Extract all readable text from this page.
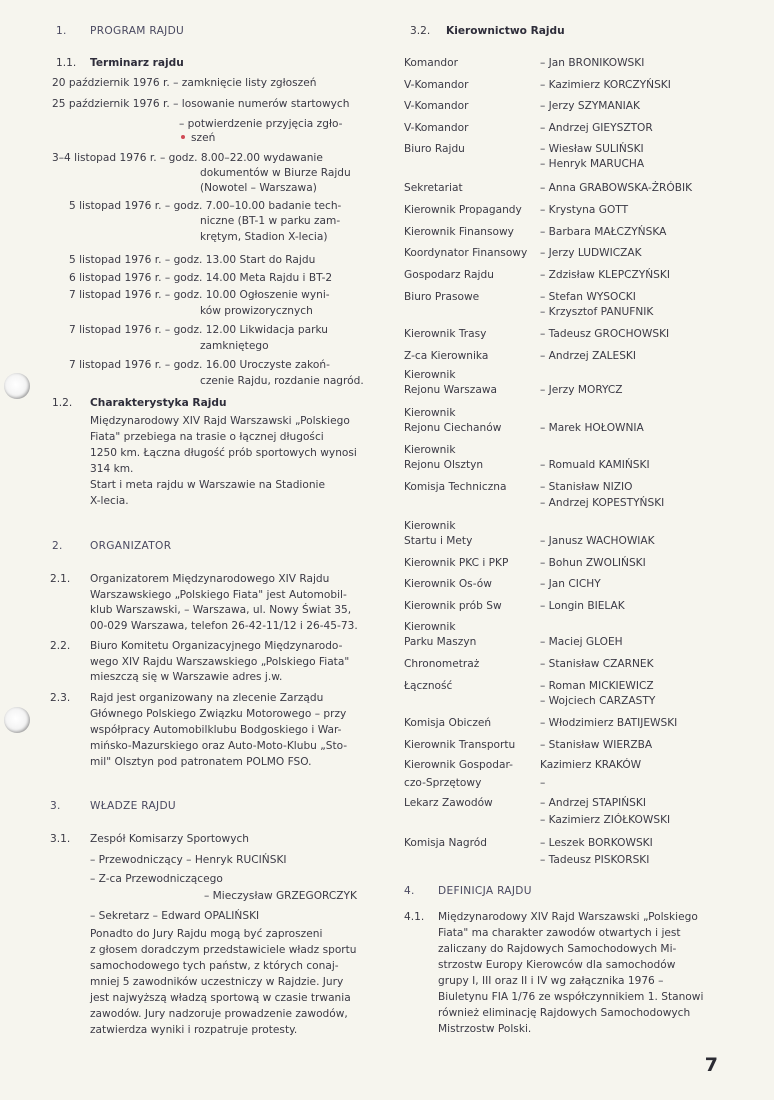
1. PROGRAM RAJDU
1.1. Terminarz rajdu
20 październik 1976 r. – zamknięcie listy zgłoszeń
25 październik 1976 r. – losowanie numerów startowych
– potwierdzenie przyjęcia zgło-
szeń
3–4 listopad 1976 r. – godz. 8.00–22.00 wydawanie
dokumentów w Biurze Rajdu
(Nowotel – Warszawa)
5 listopad 1976 r. – godz. 7.00–10.00 badanie tech-
niczne (BT-1 w parku zam-
krętym, Stadion X-lecia)
5 listopad 1976 r. – godz. 13.00 Start do Rajdu
6 listopad 1976 r. – godz. 14.00 Meta Rajdu i BT-2
7 listopad 1976 r. – godz. 10.00 Ogłoszenie wyni-
ków prowizorycznych
7 listopad 1976 r. – godz. 12.00 Likwidacja parku
zamkniętego
7 listopad 1976 r. – godz. 16.00 Uroczyste zakoń-
czenie Rajdu, rozdanie nagród.
1.2. Charakterystyka Rajdu
Międzynarodowy XIV Rajd Warszawski „Polskiego
Fiata" przebiega na trasie o łącznej długości
1250 km. Łączna długość prób sportowych wynosi
314 km.
Start i meta rajdu w Warszawie na Stadionie
X-lecia.
2.	ORGANIZATOR
2.1. Organizatorem Międzynarodowego XIV Rajdu
Warszawskiego „Polskiego Fiata" jest Automobil-
klub Warszawski, – Warszawa, ul. Nowy Świat 35,
00-029 Warszawa, telefon 26-42-11/12 i 26-45-73.
2.2. Biuro Komitetu Organizacyjnego Międzynarodo-
wego XIV Rajdu Warszawskiego „Polskiego Fiata"
mieszczą się w Warszawie adres j.w.
2.3. Rajd jest organizowany na zlecenie Zarządu
Głównego Polskiego Związku Motorowego – przy
współpracy Automobilklubu Bodgoskiego i War-
mińsko-Mazurskiego oraz Auto-Moto-Klubu „Sto-
mil" Olsztyn pod patronatem POLMO FSO.
3.	WŁADZE RAJDU
3.1. Zespół Komisarzy Sportowych
– Przewodniczący – Henryk RUCIŃSKI
– Z-ca Przewodniczącego
– Mieczysław GRZEGORCZYK
– Sekretarz – Edward OPALIŃSKI
Ponadto do Jury Rajdu mogą być zaproszeni
z głosem doradczym przedstawiciele władz sportu
samochodowego tych państw, z których conaj-
mniej 5 zawodników uczestniczy w Rajdzie. Jury
jest najwyższą władzą sportową w czasie trwania
zawodów. Jury nadzoruje prowadzenie zawodów,
zatwierdza wyniki i rozpatruje protesty.
3.2. Kierownictwo Rajdu
Komandor	– Jan BRONIKOWSKI
V-Komandor	– Kazimierz KORCZYŃSKI
V-Komandor	– Jerzy SZYMANIAK
V-Komandor	– Andrzej GIEYSZTOR
Biuro Rajdu	– Wiesław SULIŃSKI
– Henryk MARUCHA
Sekretariat	– Anna GRABOWSKA-ŻRÓBIK
Kierownik Propagandy – Krystyna GOTT
Kierownik Finansowy – Barbara MAŁCZYŃSKA
Koordynator Finansowy – Jerzy LUDWICZAK
Gospodarz Rajdu	– Zdzisław KLEPCZYŃSKI
Biuro Prasowe	– Stefan WYSOCKI
– Krzysztof PANUFNIK
Kierownik Trasy	– Tadeusz GROCHOWSKI
Z-ca Kierownika	– Andrzej ZALESKI
Kierownik
Rejonu Warszawa	– Jerzy MORYCZ
Kierownik
Rejonu Ciechanów	– Marek HOŁOWNIA
Kierownik
Rejonu Olsztyn	– Romuald KAMIŃSKI
Komisja Techniczna	– Stanisław NIZIO
– Andrzej KOPESTYŃSKI
Kierownik
Startu i Mety	– Janusz WACHOWIAK
Kierownik PKC i PKP	– Bohun ZWOLIŃSKI
Kierownik Os-ów	– Jan CICHY
Kierownik prób Sw	– Longin BIELAK
Kierownik
Parku Maszyn	– Maciej GLOEH
Chronometraż	– Stanisław CZARNEK
Łączność	– Roman MICKIEWICZ
– Wojciech CARZASTY
Komisja Obiczeń	– Włodzimierz BATIJEWSKI
Kierownik Transportu – Stanisław WIERZBA
Kierownik Gospodar-	Kazimierz KRAKÓW
czo-Sprzętowy	–
Lekarz Zawodów	– Andrzej STAPIŃSKI
– Kazimierz ZIÓŁKOWSKI
Komisja Nagród	– Leszek BORKOWSKI
– Tadeusz PISKORSKI
4. DEFINICJA RAJDU
4.1. Międzynarodowy XIV Rajd Warszawski „Polskiego
Fiata" ma charakter zawodów otwartych i jest
zaliczany do Rajdowych Samochodowych Mi-
strzostw Europy Kierowców dla samochodów
grupy I, III oraz II i IV wg załącznika 1976 –
Biuletynu FIA 1/76 ze współczynnikiem 1. Stanowi
również eliminację Rajdowych Samochodowych
Mistrzostw Polski.
7
